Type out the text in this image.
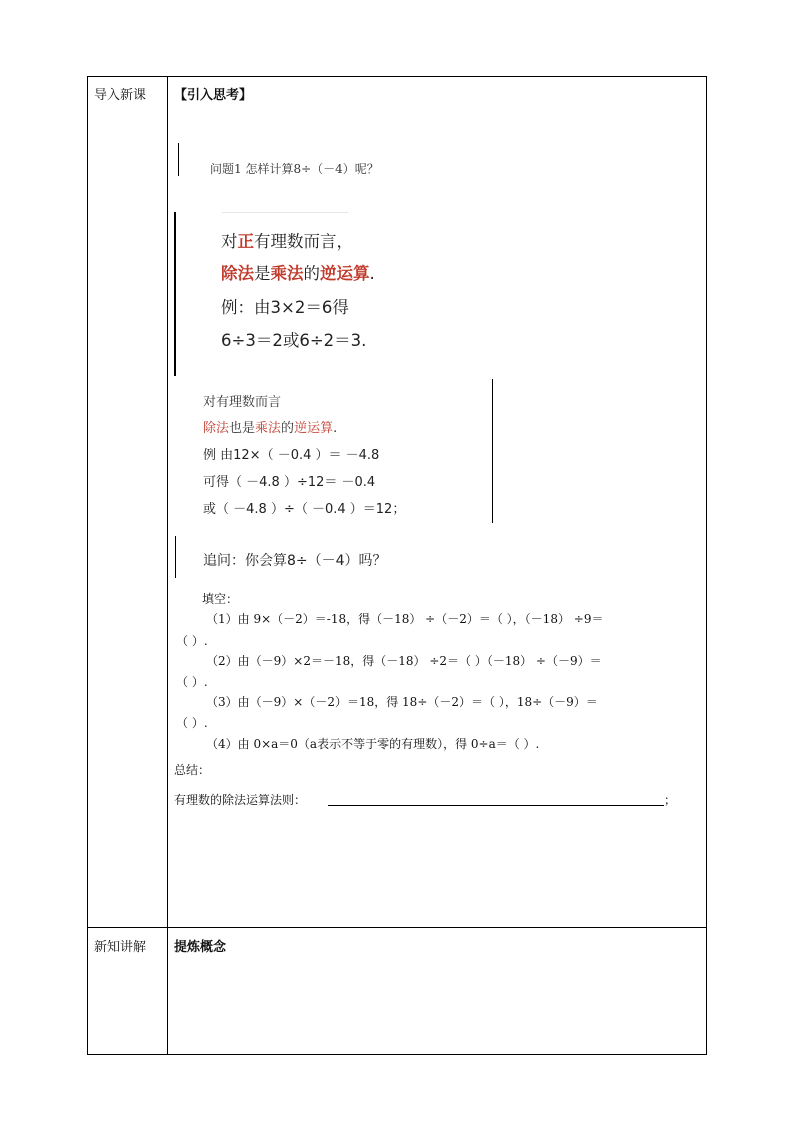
导入新课 【引入思考】
问题1 怎样计算8÷（－4）呢？
对正有理数而言，
除法是乘法的逆运算.
例：由3×2＝6得
6÷3＝2或6÷2＝3.
对有理数而言
除法也是乘法的逆运算.
例 由12×（ －0.4 ）＝ －4.8
可得（ －4.8 ）÷12＝ －0.4
或（ －4.8 ）÷（ －0.4 ）＝12；
追问：你会算8÷（－4）吗？
填空：
（1）由 9×（－2）＝-18，得（－18） ÷（－2）＝（ ），（－18） ÷9＝
（ ）.
（2）由（－9）×2＝－18，得（－18） ÷2＝（ ）（－18） ÷（－9）＝
（ ）.
（3）由（－9）×（－2）＝18，得 18÷（－2）＝（ ），18÷（－9）＝
（ ）.
（4）由 0×a＝0（a表示不等于零的有理数），得 0÷a＝（ ）.
总结：
有理数的除法运算法则：	；
新知讲解 提炼概念
